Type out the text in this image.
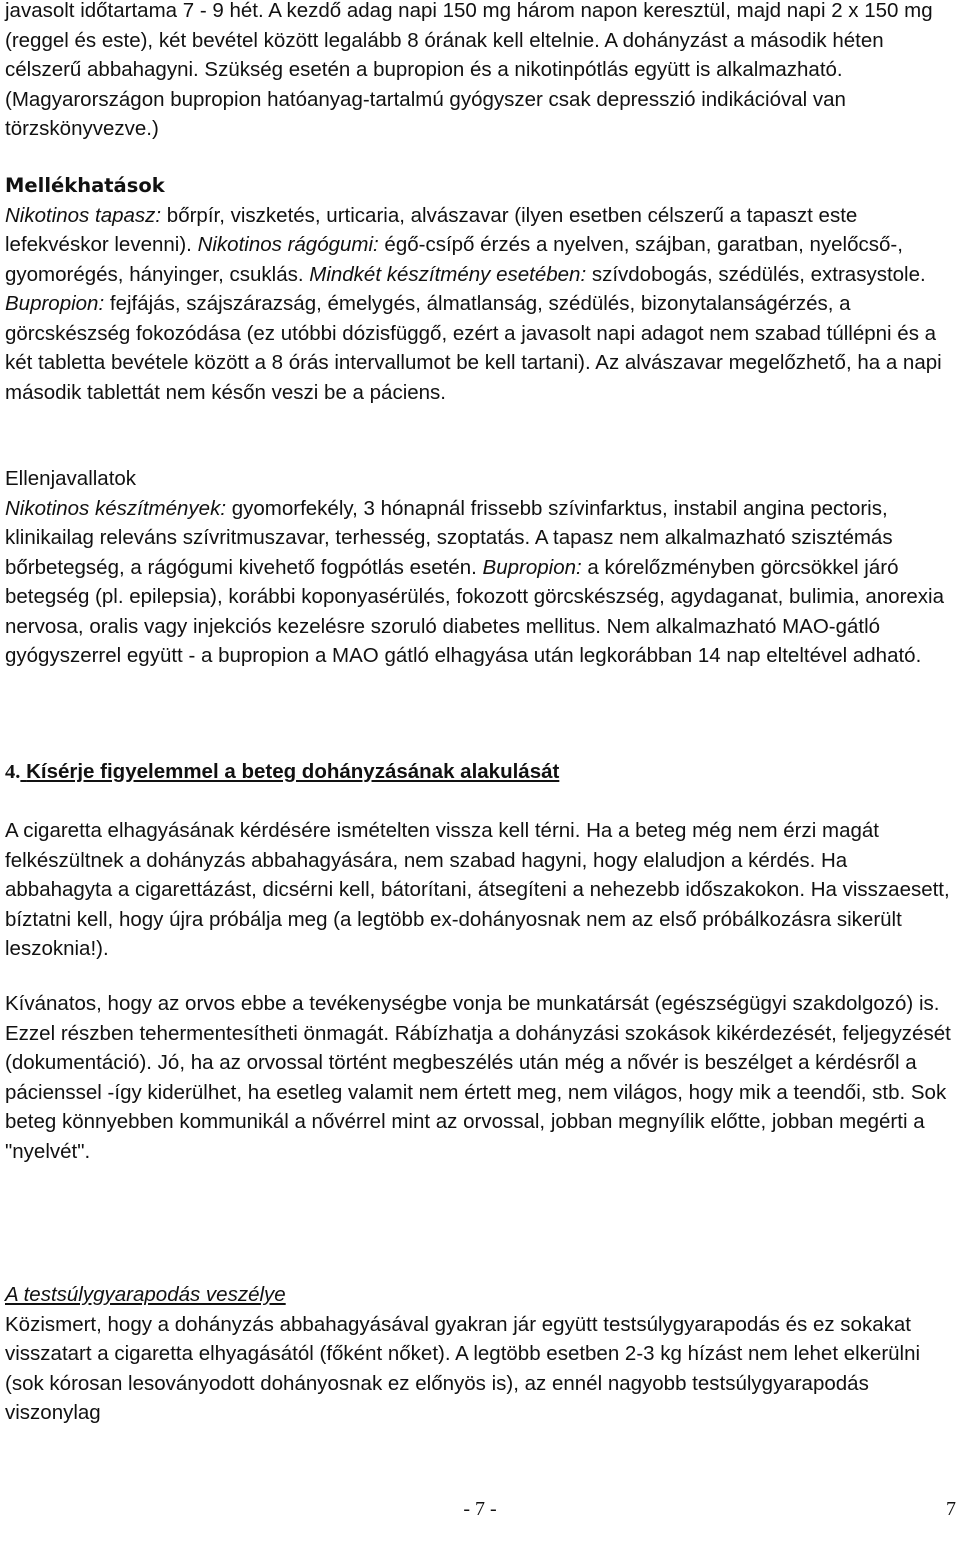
javasolt időtartama 7 - 9 hét. A kezdő adag napi 150 mg három napon keresztül, majd napi 2 x 150 mg (reggel és este), két bevétel között legalább 8 órának kell eltelnie. A dohányzást a második héten célszerű abbahagyni. Szükség esetén a bupropion és a nikotinpótlás együtt is alkalmazható. (Magyarországon bupropion hatóanyag-tartalmú gyógyszer csak depresszió indikációval van törzskönyvezve.)

Mellékhatások

Nikotinos tapasz: bőrpír, viszketés, urticaria, alvászavar (ilyen esetben célszerű a tapaszt este lefekvéskor levenni). Nikotinos rágógumi: égő-csípő érzés a nyelven, szájban, garatban, nyelőcső-, gyomorégés, hányinger, csuklás. Mindkét készítmény esetében: szívdobogás, szédülés, extrasystole. Bupropion: fejfájás, szájszárazság, émelygés, álmatlanság, szédülés, bizonytalanságérzés, a görcskészség fokozódása (ez utóbbi dózisfüggő, ezért a javasolt napi adagot nem szabad túllépni és a két tabletta bevétele között a 8 órás intervallumot be kell tartani). Az alvászavar megelőzhető, ha a napi második tablettát nem későn veszi be a páciens.

Ellenjavallatok

Nikotinos készítmények: gyomorfekély, 3 hónapnál frissebb szívinfarktus, instabil angina pectoris, klinikailag releváns szívritmuszavar, terhesség, szoptatás. A tapasz nem alkalmazható szisztémás bőrbetegség, a rágógumi kivehető fogpótlás esetén. Bupropion: a kórelőzményben görcsökkel járó betegség (pl. epilepsia), korábbi koponyasérülés, fokozott görcskészség, agydaganat, bulimia, anorexia nervosa, oralis vagy injekciós kezelésre szoruló diabetes mellitus. Nem alkalmazható MAO-gátló gyógyszerrel együtt - a bupropion a MAO gátló elhagyása után legkorábban 14 nap elteltével adható.

4. Kísérje figyelemmel a beteg dohányzásának alakulását

A cigaretta elhagyásának kérdésére ismételten vissza kell térni. Ha a beteg még nem érzi magát felkészültnek a dohányzás abbahagyására, nem szabad hagyni, hogy elaludjon a kérdés. Ha abbahagyta a cigarettázást, dicsérni kell, bátorítani, átsegíteni a nehezebb időszakokon. Ha visszaesett, bíztatni kell, hogy újra próbálja meg (a legtöbb ex-dohányosnak nem az első próbálkozásra sikerült leszoknia!).

Kívánatos, hogy az orvos ebbe a tevékenységbe vonja be munkatársát (egészségügyi szakdolgozó) is. Ezzel részben tehermentesítheti önmagát. Rábízhatja a dohányzási szokások kikérdezését, feljegyzését (dokumentáció). Jó, ha az orvossal történt megbeszélés után még a nővér is beszélget a kérdésről a pácienssel -így kiderülhet, ha esetleg valamit nem értett meg, nem világos, hogy mik a teendői, stb. Sok beteg könnyebben kommunikál a nővérrel mint az orvossal, jobban megnyílik előtte, jobban megérti a "nyelvét".

A testsúlygyarapodás veszélye

Közismert, hogy a dohányzás abbahagyásával gyakran jár együtt testsúlygyarapodás és ez sokakat visszatart a cigaretta elhyagásától (főként nőket). A legtöbb esetben 2-3 kg hízást nem lehet elkerülni (sok kórosan lesoványodott dohányosnak ez előnyös is), az ennél nagyobb testsúlygyarapodás viszonylag

- 7 -	7
